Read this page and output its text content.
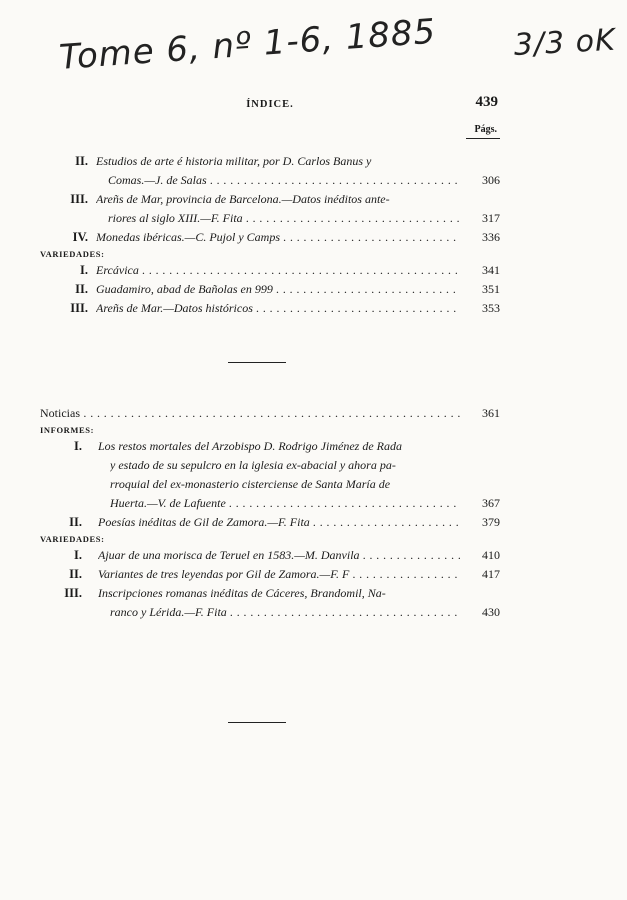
Tome 6, nº 1-6, 1885	3/3 oK
ÍNDICE.	439
Págs.
II. Estudios de arte é historia militar, por D. Carlos Banus y
Comas.—J. de Salas . . .	306
III. Areñs de Mar, provincia de Barcelona.—Datos inéditos ante-
riores al siglo XIII.—F. Fita . . .	317
IV. Monedas ibéricas.—C. Pujol y Camps . . .	336
VARIEDADES:
I. Ercávica . . .	341
II. Guadamiro, abad de Bañolas en 999 . . .	351
III. Areñs de Mar.—Datos históricos . . .	353
Noticias . . .	361
INFORMES:
I. Los restos mortales del Arzobispo D. Rodrigo Jiménez de Rada
y estado de su sepulcro en la iglesia ex-abacial y ahora pa-
rroquial del ex-monasterio cisterciense de Santa María de
Huerta.—V. de Lafuente . . .	367
II. Poesías inéditas de Gil de Zamora.—F. Fita . . .	379
VARIEDADES:
I. Ajuar de una morisca de Teruel en 1583.—M. Danvila . . .	410
II. Variantes de tres leyendas por Gil de Zamora.—F. F . . .	417
III. Inscripciones romanas inéditas de Cáceres, Brandomil, Na-
ranco y Lérida.—F. Fita . . .	430
